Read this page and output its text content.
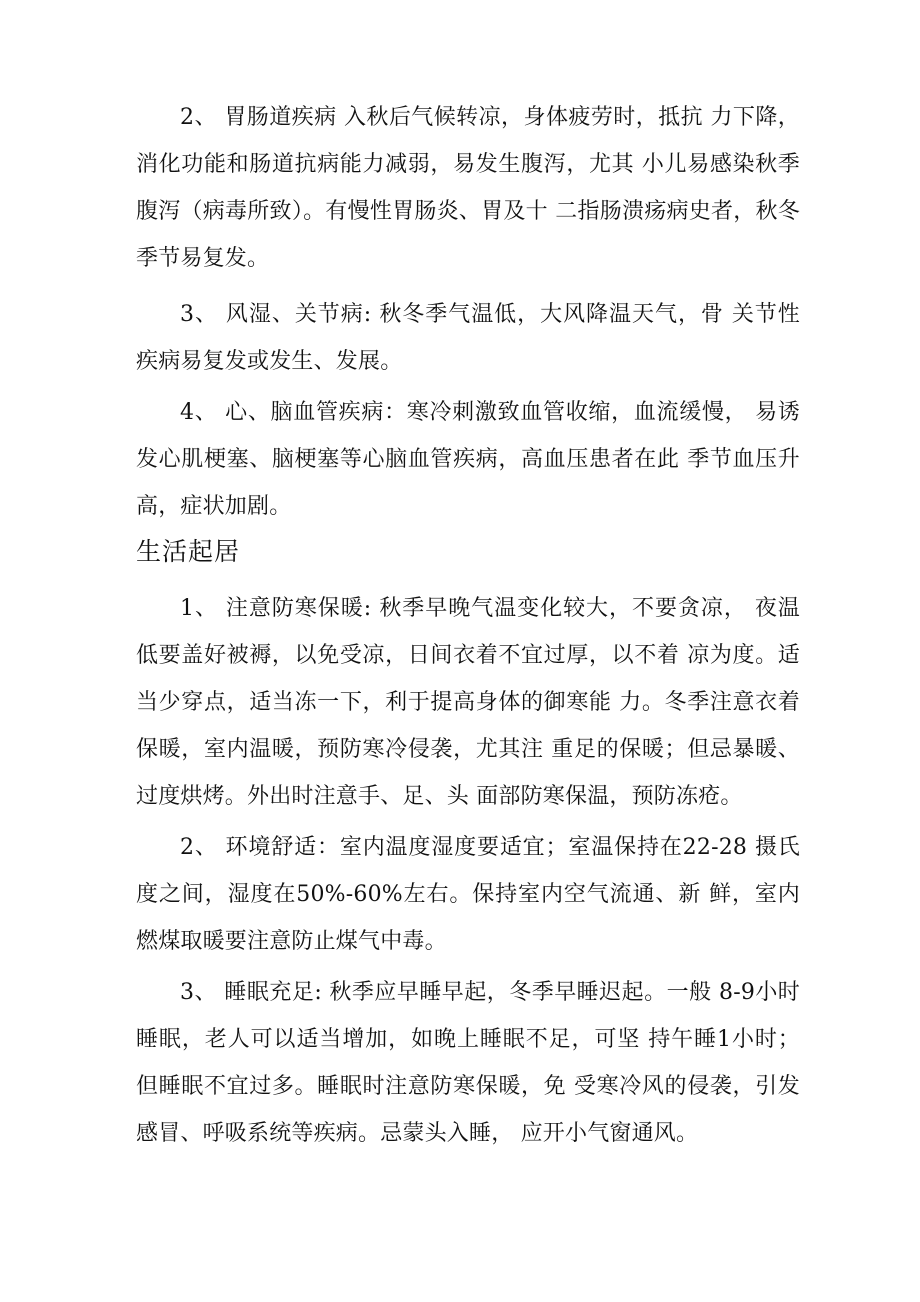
2、 胃肠道疾病 入秋后气候转凉，身体疲劳时，抵抗 力下降，消化功能和肠道抗病能力减弱，易发生腹泻，尤其 小儿易感染秋季腹泻（病毒所致）。有慢性胃肠炎、胃及十 二指肠溃疡病史者，秋冬季节易复发。

3、 风湿、关节病: 秋冬季气温低，大风降温天气，骨 关节性疾病易复发或发生、发展。

4、 心、脑血管疾病：寒冷刺激致血管收缩，血流缓慢， 易诱发心肌梗塞、脑梗塞等心脑血管疾病，高血压患者在此 季节血压升高，症状加剧。

生活起居

1、 注意防寒保暖: 秋季早晚气温变化较大，不要贪凉， 夜温低要盖好被褥，以免受凉，日间衣着不宜过厚，以不着 凉为度。适当少穿点，适当冻一下，利于提高身体的御寒能 力。冬季注意衣着保暖，室内温暖，预防寒冷侵袭，尤其注 重足的保暖；但忌暴暖、过度烘烤。外出时注意手、足、头 面部防寒保温，预防冻疮。

2、 环境舒适：室内温度湿度要适宜；室温保持在22-28 摄氏度之间，湿度在50%-60%左右。保持室内空气流通、新 鲜，室内燃煤取暖要注意防止煤气中毒。

3、 睡眠充足: 秋季应早睡早起，冬季早睡迟起。一般 8-9小时睡眠，老人可以适当增加，如晚上睡眠不足，可坚 持午睡1小时；但睡眠不宜过多。睡眠时注意防寒保暖，免 受寒冷风的侵袭，引发感冒、呼吸系统等疾病。忌蒙头入睡， 应开小气窗通风。
